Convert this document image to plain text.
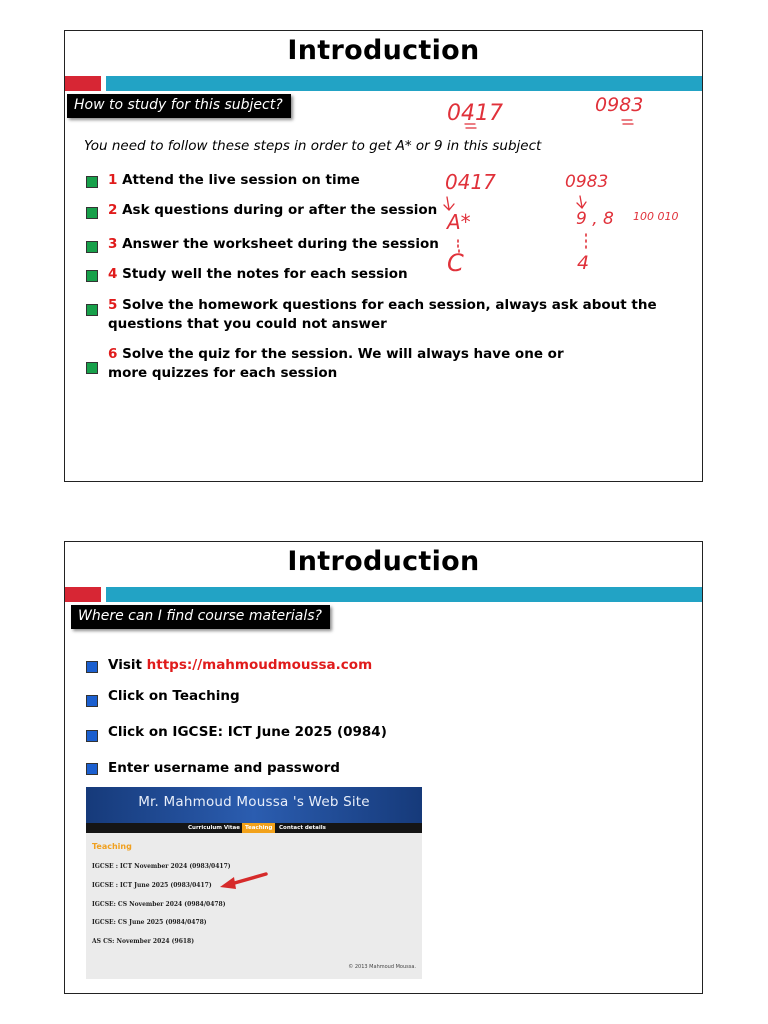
Introduction
How to study for this subject?
You need to follow these steps in order to get A* or 9 in this subject
1 Attend the live session on time
2 Ask questions during or after the session
3 Answer the worksheet during the session
4 Study well the notes for each session
5 Solve the homework questions for each session, always ask about the
questions that you could not answer
6 Solve the quiz for the session. We will always have one or
more quizzes for each session
0417	0983
0417	0983
A*
C
9 , 8
4
100 010
Introduction
Where can I find course materials?
Visit https://mahmoudmoussa.com
Click on Teaching
Click on IGCSE: ICT June 2025 (0984)
Enter username and password
Mr. Mahmoud Moussa 's Web Site
Curriculum Vitae Teaching	Contact details
Teaching
IGCSE : ICT November 2024 (0983/0417)
IGCSE : ICT June 2025 (0983/0417)
IGCSE: CS November 2024 (0984/0478)
IGCSE: CS June 2025 (0984/0478)
AS CS: November 2024 (9618)
© 2013 Mahmoud Moussa.
